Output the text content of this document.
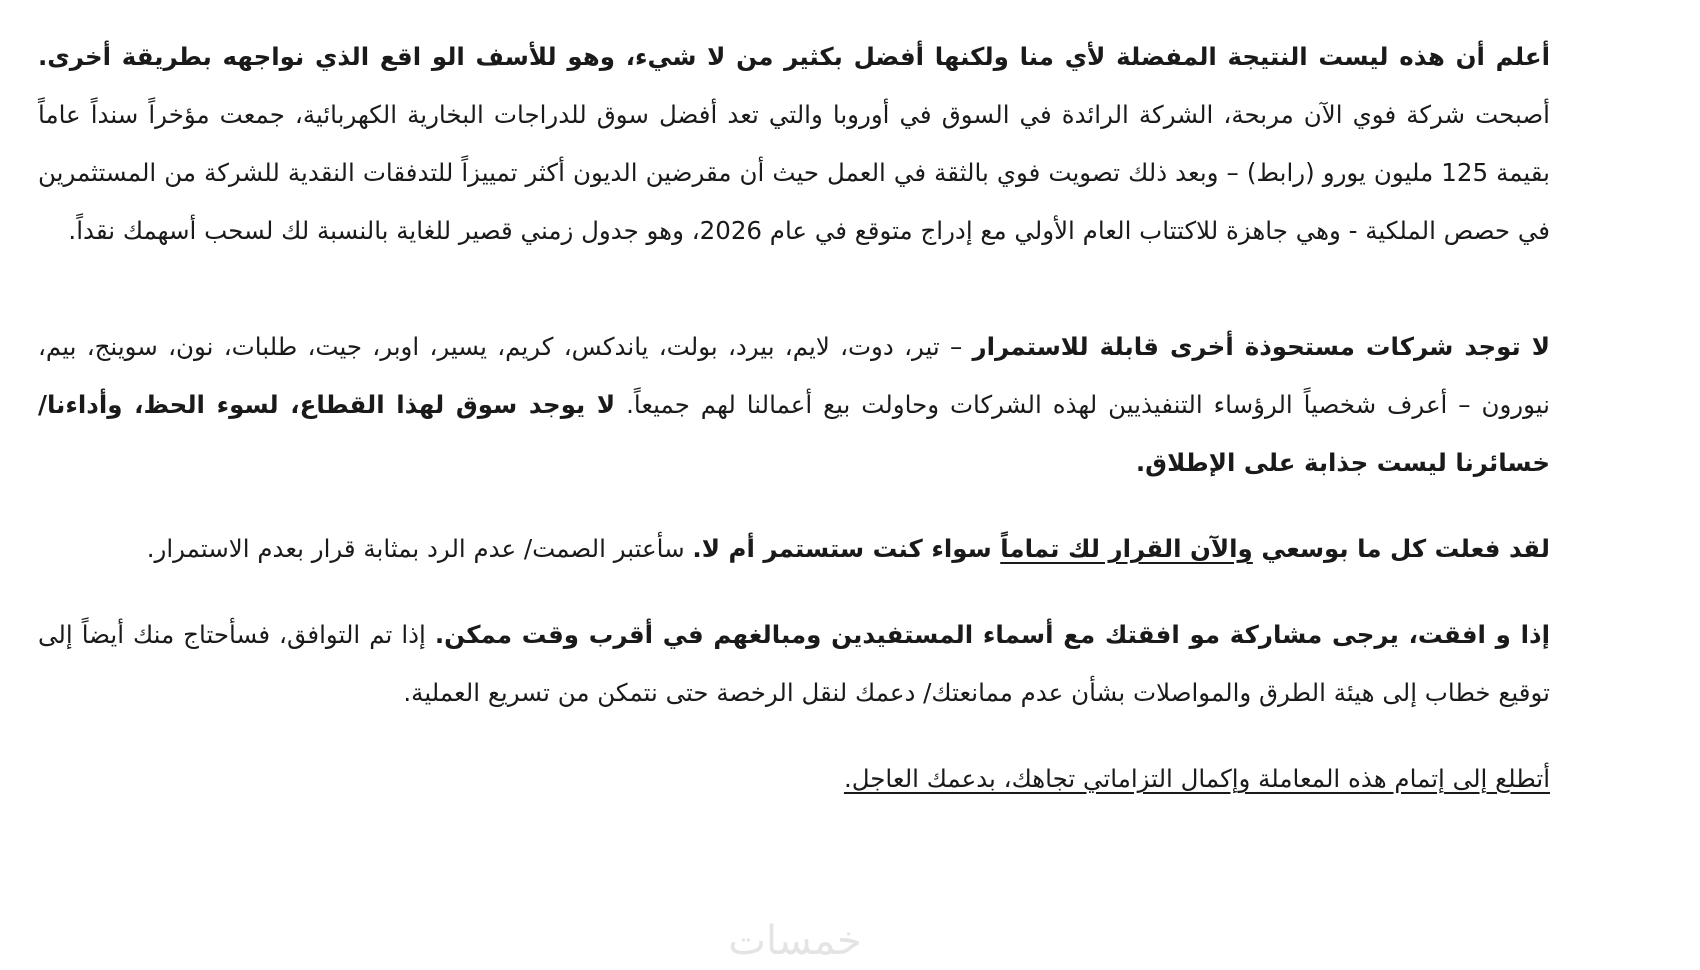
أعلم أن هذه ليست النتيجة المفضلة لأي منا ولكنها أفضل بكثير من لا شيء، وهو للأسف الو اقع الذي نواجهه بطريقة أخرى. أصبحت شركة فوي الآن مربحة، الشركة الرائدة في السوق في أوروبا والتي تعد أفضل سوق للدراجات البخارية الكهربائية، جمعت مؤخراً سنداً عاماً بقيمة 125 مليون يورو (رابط) – وبعد ذلك تصويت فوي بالثقة في العمل حيث أن مقرضين الديون أكثر تمييزاً للتدفقات النقدية للشركة من المستثمرين في حصص الملكية - وهي جاهزة للاكتتاب العام الأولي مع إدراج متوقع في عام 2026، وهو جدول زمني قصير للغاية بالنسبة لك لسحب أسهمك نقداً.

لا توجد شركات مستحوذة أخرى قابلة للاستمرار – تير، دوت، لايم، بيرد، بولت، ياندكس، كريم، يسير، اوبر، جيت، طلبات، نون، سوينج، بيم، نيورون – أعرف شخصياً الرؤساء التنفيذيين لهذه الشركات وحاولت بيع أعمالنا لهم جميعاً. لا يوجد سوق لهذا القطاع، لسوء الحظ، وأداءنا/ خسائرنا ليست جذابة على الإطلاق.

لقد فعلت كل ما بوسعي والآن القرار لك تماماً سواء كنت ستستمر أم لا. سأعتبر الصمت/ عدم الرد بمثابة قرار بعدم الاستمرار.

إذا و افقت، يرجى مشاركة مو افقتك مع أسماء المستفيدين ومبالغهم في أقرب وقت ممكن. إذا تم التوافق، فسأحتاج منك أيضاً إلى توقيع خطاب إلى هيئة الطرق والمواصلات بشأن عدم ممانعتك/ دعمك لنقل الرخصة حتى نتمكن من تسريع العملية.

أتطلع إلى إتمام هذه المعاملة وإكمال التزاماتي تجاهك، بدعمك العاجل.

خمسات
